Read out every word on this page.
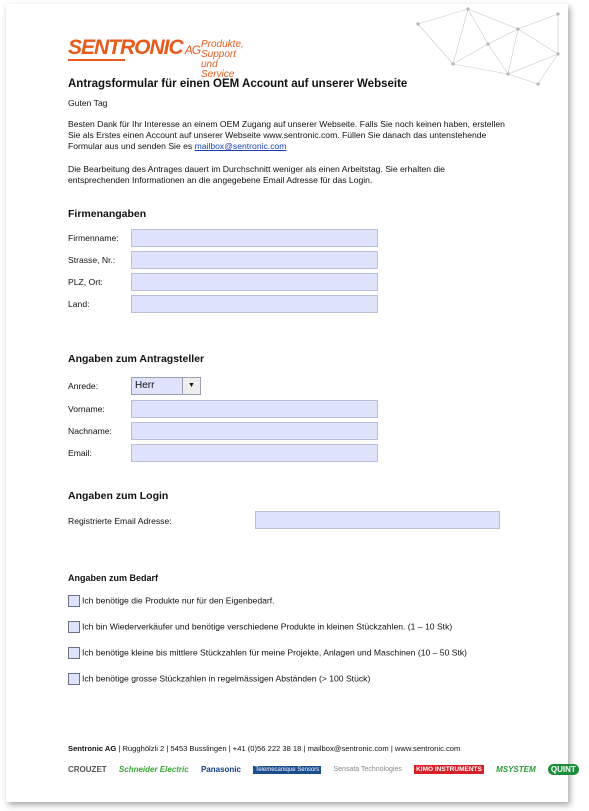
SENTRONIC AG Produkte, Support
und Service
Antragsformular für einen OEM Account auf unserer Webseite
Guten Tag
Besten Dank für Ihr Interesse an einem OEM Zugang auf unserer Webseite. Falls Sie noch keinen haben, erstellen Sie als Erstes einen Account auf unserer Webseite www.sentronic.com. Füllen Sie danach das untenstehende Formular aus und senden Sie es mailbox@sentronic.com
Die Bearbeitung des Antrages dauert im Durchschnitt weniger als einen Arbeitstag. Sie erhalten die entsprechenden Informationen an die angegebene Email Adresse für das Login.
Firmenangaben
Firmenname:
Strasse, Nr.:
PLZ, Ort:
Land:
Angaben zum Antragsteller
Anrede:	Herr	▼
Vorname:
Nachname:
Email:
Angaben zum Login
Registrierte Email Adresse:
Angaben zum Bedarf
Ich benötige die Produkte nur für den Eigenbedarf.
Ich bin Wiederverkäufer und benötige verschiedene Produkte in kleinen Stückzahlen. (1 – 10 Stk)
Ich benötige kleine bis mittlere Stückzahlen für meine Projekte, Anlagen und Maschinen (10 – 50 Stk)
Ich benötige grosse Stückzahlen in regelmässigen Abständen (> 100 Stück)
Sentronic AG | Rugghölzli 2 | 5453 Busslingen | +41 (0)56 222 38 18 | mailbox@sentronic.com | www.sentronic.com
CROUZET Schneider Electric Panasonic Telemecanique Sensors Sensata Technologies KIMO INSTRUMENTS MSYSTEM QUINT
